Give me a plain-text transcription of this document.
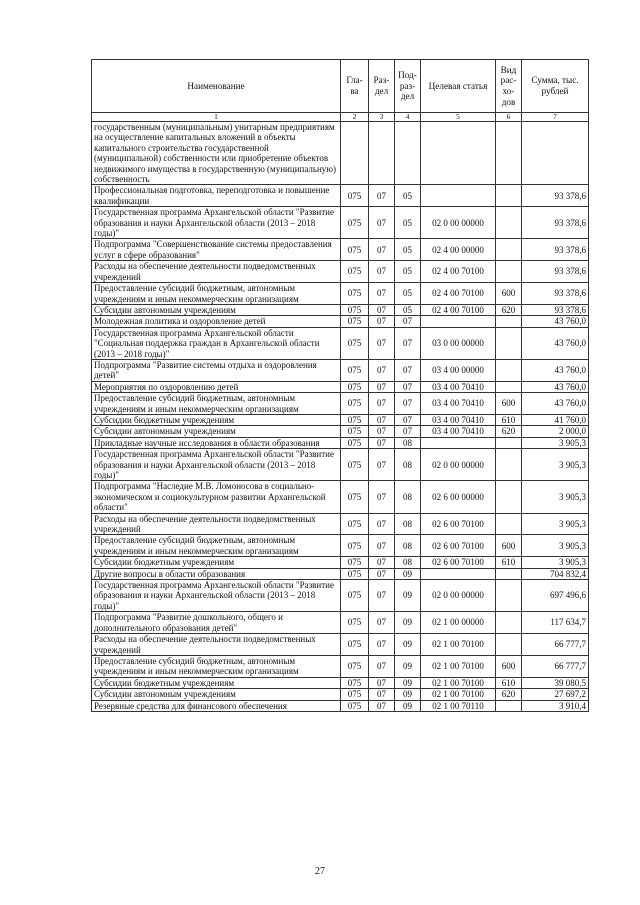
Наименование	Гла-ва	Раз-дел	Под-раз-дел	Целевая статья	Вид рас-хо-дов	Сумма, тыс. рублей
1	2	3	4	5	6	7
государственным (муниципальным) унитарным предприятиям на осуществление капитальных вложений в объекты капитального строительства государственной (муниципальной) собственности или приобретение объектов недвижимого имущества в государственную (муниципальную) собственность						
Профессиональная подготовка, переподготовка и повышение квалификации	075	07	05			93 378,6
Государственная программа Архангельской области "Развитие образования и науки Архангельской области (2013 – 2018 годы)"	075	07	05	02 0 00 00000		93 378,6
Подпрограмма "Совершенствование системы предоставления услуг в сфере образования"	075	07	05	02 4 00 00000		93 378,6
Расходы на обеспечение деятельности подведомственных учреждений	075	07	05	02 4 00 70100		93 378,6
Предоставление субсидий бюджетным, автономным учреждениям и иным некоммерческим организациям	075	07	05	02 4 00 70100	600	93 378,6
Субсидии автономным учреждениям	075	07	05	02 4 00 70100	620	93 378,6
Молодежная политика и оздоровление детей	075	07	07			43 760,0
Государственная программа Архангельской области "Социальная поддержка граждан в Архангельской области (2013 – 2018 годы)"	075	07	07	03 0 00 00000		43 760,0
Подпрограмма "Развитие системы отдыха и оздоровления детей"	075	07	07	03 4 00 00000		43 760,0
Мероприятия по оздоровлению детей	075	07	07	03 4 00 70410		43 760,0
Предоставление субсидий бюджетным, автономным учреждениям и иным некоммерческим организациям	075	07	07	03 4 00 70410	600	43 760,0
Субсидии бюджетным учреждениям	075	07	07	03 4 00 70410	610	41 760,0
Субсидии автономным учреждениям	075	07	07	03 4 00 70410	620	2 000,0
Прикладные научные исследования в области образования	075	07	08			3 905,3
Государственная программа Архангельской области "Развитие образования и науки Архангельской области (2013 – 2018 годы)"	075	07	08	02 0 00 00000		3 905,3
Подпрограмма "Наследие М.В. Ломоносова в социально-экономическом и социокультурном развитии Архангельской области"	075	07	08	02 6 00 00000		3 905,3
Расходы на обеспечение деятельности подведомственных учреждений	075	07	08	02 6 00 70100		3 905,3
Предоставление субсидий бюджетным, автономным учреждениям и иным некоммерческим организациям	075	07	08	02 6 00 70100	600	3 905,3
Субсидии бюджетным учреждениям	075	07	08	02 6 00 70100	610	3 905,3
Другие вопросы в области образования	075	07	09			704 832,4
Государственная программа Архангельской области "Развитие образования и науки Архангельской области (2013 – 2018 годы)"	075	07	09	02 0 00 00000		697 496,6
Подпрограмма "Развитие дошкольного, общего и дополнительного образования детей"	075	07	09	02 1 00 00000		117 634,7
Расходы на обеспечение деятельности подведомственных учреждений	075	07	09	02 1 00 70100		66 777,7
Предоставление субсидий бюджетным, автономным учреждениям и иным некоммерческим организациям	075	07	09	02 1 00 70100	600	66 777,7
Субсидии бюджетным учреждениям	075	07	09	02 1 00 70100	610	39 080,5
Субсидии автономным учреждениям	075	07	09	02 1 00 70100	620	27 697,2
Резервные средства для финансового обеспечения	075	07	09	02 1 00 70110		3 910,4
27
